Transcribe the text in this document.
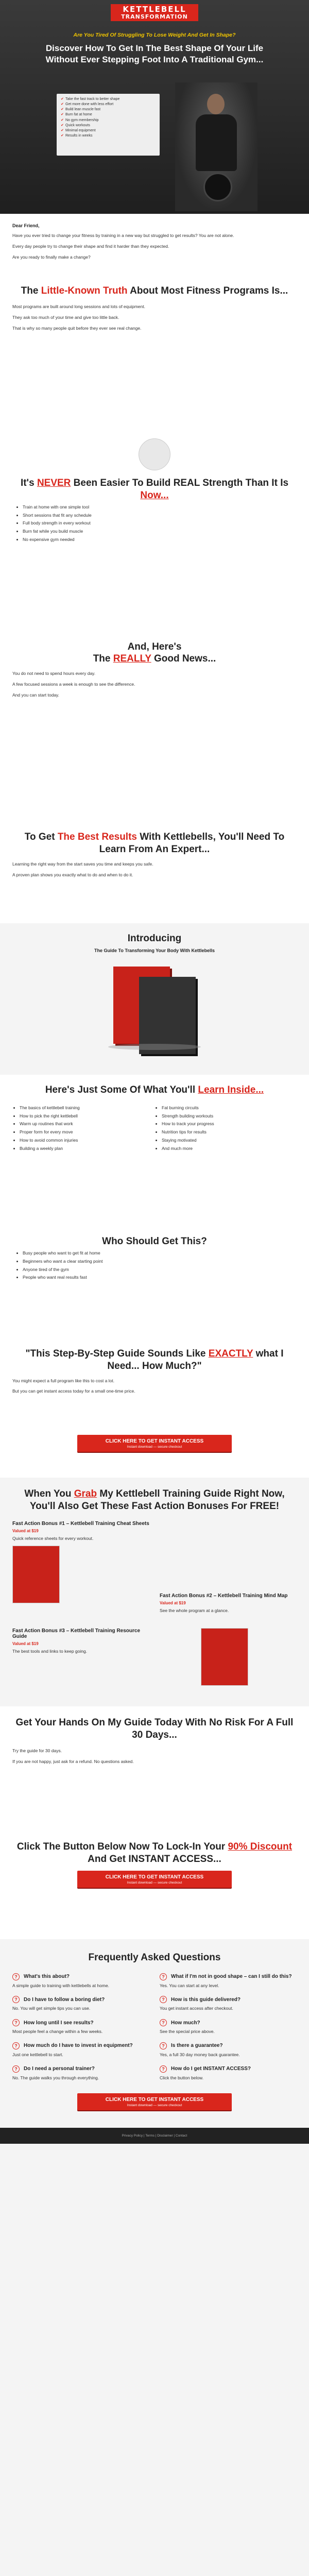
KETTLEBELL
TRANSFORMATION
Are You Tired Of Struggling To Lose Weight And Get In Shape?
Discover How To Get In The Best Shape Of Your Life Without Ever Stepping Foot Into A Traditional Gym...
✔ Take the fast track to better shape
✔ Get more done with less effort
✔ Build lean muscle fast
✔ Burn fat at home
✔ No gym membership
✔ Quick workouts
✔ Minimal equipment
✔ Results in weeks
Dear Friend,

Have you ever tried to change your fitness by training in a new way but struggled to get results? You are not alone.

Every day people try to change their shape and find it harder than they expected.

Are you ready to finally make a change?

The Little-Known Truth About Most Fitness Programs Is...

Most programs are built around long sessions and lots of equipment.

They ask too much of your time and give too little back.

That is why so many people quit before they ever see real change.

It's NEVER Been Easier To Build REAL Strength Than It Is Now...
• Train at home with one simple tool
• Short sessions that fit any schedule
• Full body strength in every workout
• Burn fat while you build muscle
• No expensive gym needed
And, Here's
The REALLY Good News...

You do not need to spend hours every day.

A few focused sessions a week is enough to see the difference.

And you can start today.

To Get The Best Results With Kettlebells, You'll Need To Learn From An Expert...

Learning the right way from the start saves you time and keeps you safe.

A proven plan shows you exactly what to do and when to do it.

Introducing
The Guide To Transforming Your Body With Kettlebells
Here's Just Some Of What You'll Learn Inside...
• The basics of kettlebell training
• How to pick the right kettlebell
• Warm up routines that work
• Proper form for every move
• How to avoid common injuries
• Building a weekly plan
• Fat burning circuits
• Strength building workouts
• How to track your progress
• Nutrition tips for results
• Staying motivated
• And much more
Who Should Get This?
• Busy people who want to get fit at home
• Beginners who want a clear starting point
• Anyone tired of the gym
• People who want real results fast
"This Step-By-Step Guide Sounds Like EXACTLY what I Need... How Much?"

You might expect a full program like this to cost a lot.

But you can get instant access today for a small one-time price.

CLICK HERE TO GET INSTANT ACCESS
Instant download — secure checkout
When You Grab My Kettlebell Training Guide Right Now, You'll Also Get These Fast Action Bonuses For FREE!
Fast Action Bonus #1 – Kettlebell Training Cheat Sheets
Valued at $19

Quick reference sheets for every workout.

Fast Action Bonus #2 – Kettlebell Training Mind Map
Valued at $19

See the whole program at a glance.

Fast Action Bonus #3 – Kettlebell Training Resource Guide
Valued at $19

The best tools and links to keep going.

Get Your Hands On My Guide Today With No Risk For A Full 30 Days...

Try the guide for 30 days.

If you are not happy, just ask for a refund. No questions asked.

Click The Button Below Now To Lock-In Your 90% Discount And Get INSTANT ACCESS...
CLICK HERE TO GET INSTANT ACCESS
Instant download — secure checkout
Frequently Asked Questions
?	What's this about?

A simple guide to training with kettlebells at home.

?	Do I have to follow a boring diet?

No. You will get simple tips you can use.

?	How long until I see results?

Most people feel a change within a few weeks.

?	How much do I have to invest in equipment?

Just one kettlebell to start.

?	Do I need a personal trainer?

No. The guide walks you through everything.

?	What if I'm not in good shape – can I still do this?

Yes. You can start at any level.

?	How is this guide delivered?

You get instant access after checkout.

?	How much?

See the special price above.

?	Is there a guarantee?

Yes, a full 30 day money back guarantee.

?	How do I get INSTANT ACCESS?

Click the button below.

CLICK HERE TO GET INSTANT ACCESS
Instant download — secure checkout
Privacy Policy | Terms | Disclaimer | Contact
